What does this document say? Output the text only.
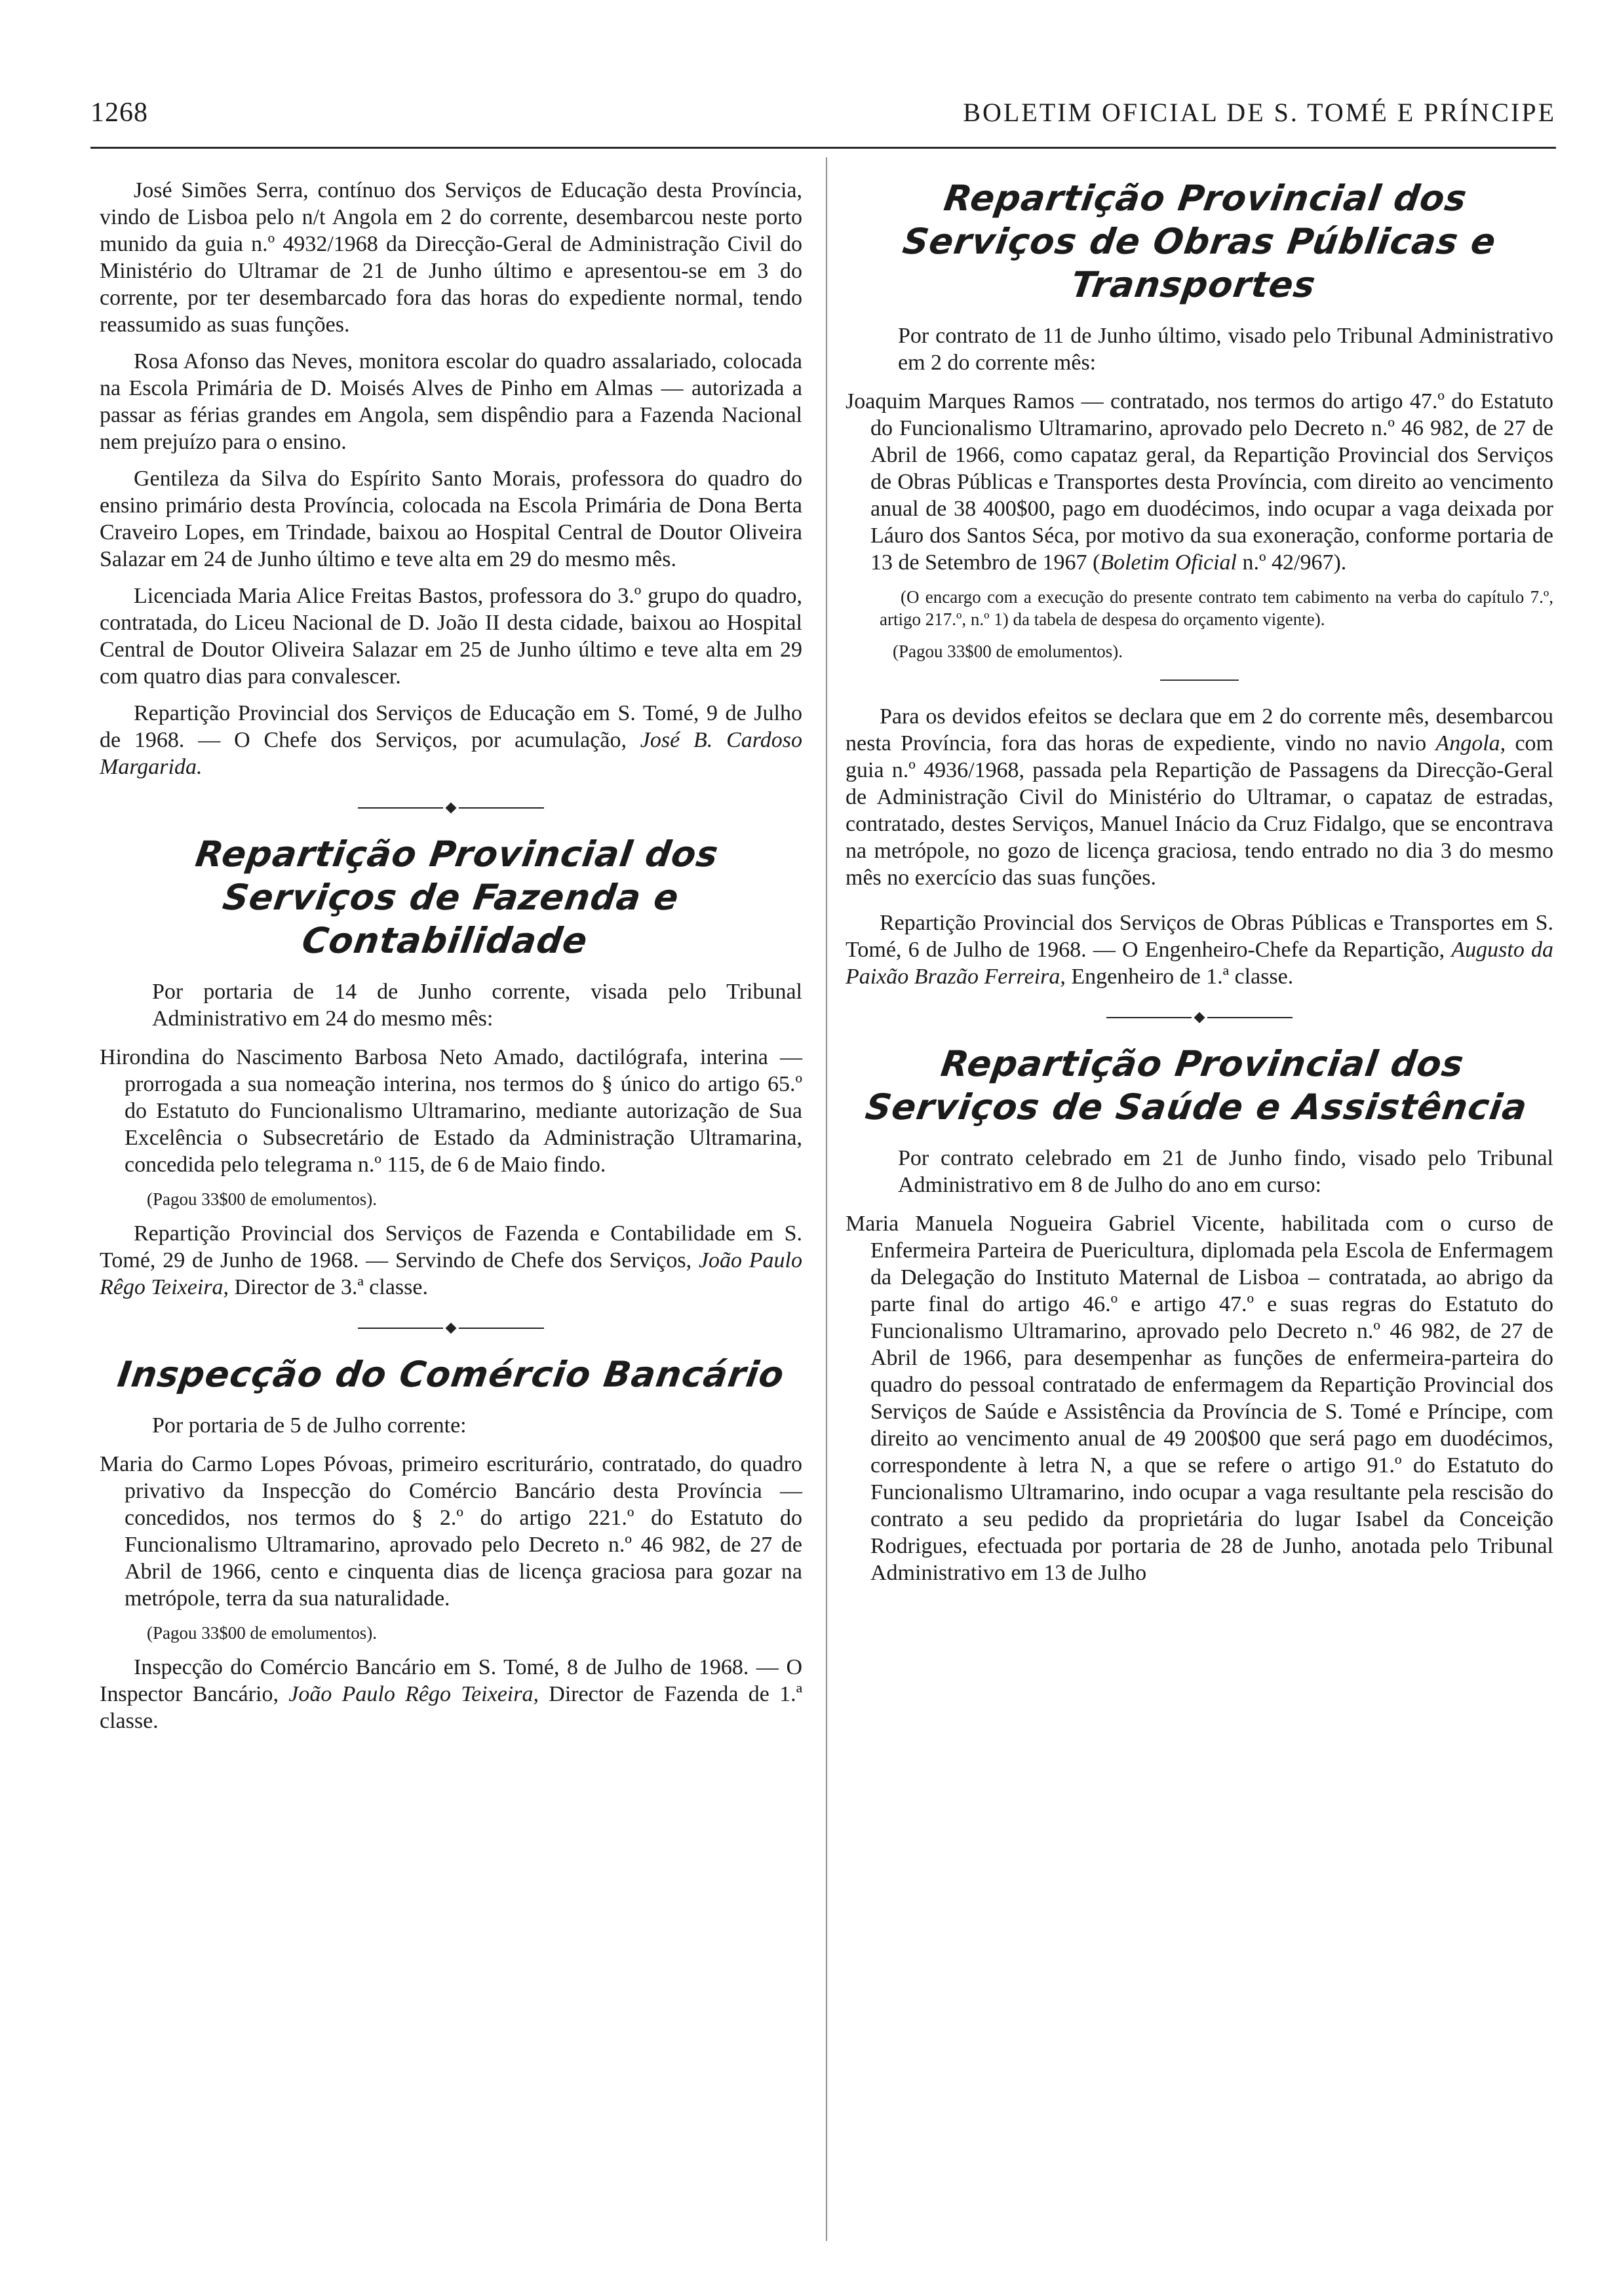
1268	BOLETIM OFICIAL DE S. TOMÉ E PRÍNCIPE

José Simões Serra, contínuo dos Serviços de Educação desta Província, vindo de Lisboa pelo n/t Angola em 2 do corrente, desembarcou neste porto munido da guia n.º 4932/1968 da Direcção-Geral de Administração Civil do Ministério do Ultramar de 21 de Junho último e apresentou-se em 3 do corrente, por ter desembarcado fora das horas do expediente normal, tendo reassumido as suas funções.

Rosa Afonso das Neves, monitora escolar do quadro assalariado, colocada na Escola Primária de D. Moisés Alves de Pinho em Almas — autorizada a passar as férias grandes em Angola, sem dispêndio para a Fazenda Nacional nem prejuízo para o ensino.

Gentileza da Silva do Espírito Santo Morais, professora do quadro do ensino primário desta Província, colocada na Escola Primária de Dona Berta Craveiro Lopes, em Trindade, baixou ao Hospital Central de Doutor Oliveira Salazar em 24 de Junho último e teve alta em 29 do mesmo mês.

Licenciada Maria Alice Freitas Bastos, professora do 3.º grupo do quadro, contratada, do Liceu Nacional de D. João II desta cidade, baixou ao Hospital Central de Doutor Oliveira Salazar em 25 de Junho último e teve alta em 29 com quatro dias para convalescer.

Repartição Provincial dos Serviços de Educação em S. Tomé, 9 de Julho de 1968. — O Chefe dos Serviços, por acumulação, José B. Cardoso Margarida.

Repartição Provincial dos Serviços de Fazenda e Contabilidade

Por portaria de 14 de Junho corrente, visada pelo Tribunal Administrativo em 24 do mesmo mês:

Hirondina do Nascimento Barbosa Neto Amado, dactilógrafa, interina — prorrogada a sua nomeação interina, nos termos do § único do artigo 65.º do Estatuto do Funcionalismo Ultramarino, mediante autorização de Sua Excelência o Subsecretário de Estado da Administração Ultramarina, concedida pelo telegrama n.º 115, de 6 de Maio findo.

(Pagou 33$00 de emolumentos).

Repartição Provincial dos Serviços de Fazenda e Contabilidade em S. Tomé, 29 de Junho de 1968. — Servindo de Chefe dos Serviços, João Paulo Rêgo Teixeira, Director de 3.ª classe.

Inspecção do Comércio Bancário

Por portaria de 5 de Julho corrente:

Maria do Carmo Lopes Póvoas, primeiro escriturário, contratado, do quadro privativo da Inspecção do Comércio Bancário desta Província — concedidos, nos termos do § 2.º do artigo 221.º do Estatuto do Funcionalismo Ultramarino, aprovado pelo Decreto n.º 46 982, de 27 de Abril de 1966, cento e cinquenta dias de licença graciosa para gozar na metrópole, terra da sua naturalidade.

(Pagou 33$00 de emolumentos).

Inspecção do Comércio Bancário em S. Tomé, 8 de Julho de 1968. — O Inspector Bancário, João Paulo Rêgo Teixeira, Director de Fazenda de 1.ª classe.

Repartição Provincial dos Serviços de Obras Públicas e Transportes

Por contrato de 11 de Junho último, visado pelo Tribunal Administrativo em 2 do corrente mês:

Joaquim Marques Ramos — contratado, nos termos do artigo 47.º do Estatuto do Funcionalismo Ultramarino, aprovado pelo Decreto n.º 46 982, de 27 de Abril de 1966, como capataz geral, da Repartição Provincial dos Serviços de Obras Públicas e Transportes desta Província, com direito ao vencimento anual de 38 400$00, pago em duodécimos, indo ocupar a vaga deixada por Láuro dos Santos Séca, por motivo da sua exoneração, conforme portaria de 13 de Setembro de 1967 (Boletim Oficial n.º 42/967).

(O encargo com a execução do presente contrato tem cabimento na verba do capítulo 7.º, artigo 217.º, n.º 1) da tabela de despesa do orçamento vigente).

(Pagou 33$00 de emolumentos).

Para os devidos efeitos se declara que em 2 do corrente mês, desembarcou nesta Província, fora das horas de expediente, vindo no navio Angola, com guia n.º 4936/1968, passada pela Repartição de Passagens da Direcção-Geral de Administração Civil do Ministério do Ultramar, o capataz de estradas, contratado, destes Serviços, Manuel Inácio da Cruz Fidalgo, que se encontrava na metrópole, no gozo de licença graciosa, tendo entrado no dia 3 do mesmo mês no exercício das suas funções.

Repartição Provincial dos Serviços de Obras Públicas e Transportes em S. Tomé, 6 de Julho de 1968. — O Engenheiro-Chefe da Repartição, Augusto da Paixão Brazão Ferreira, Engenheiro de 1.ª classe.

Repartição Provincial dos Serviços de Saúde e Assistência

Por contrato celebrado em 21 de Junho findo, visado pelo Tribunal Administrativo em 8 de Julho do ano em curso:

Maria Manuela Nogueira Gabriel Vicente, habilitada com o curso de Enfermeira Parteira de Puericultura, diplomada pela Escola de Enfermagem da Delegação do Instituto Maternal de Lisboa – contratada, ao abrigo da parte final do artigo 46.º e artigo 47.º e suas regras do Estatuto do Funcionalismo Ultramarino, aprovado pelo Decreto n.º 46 982, de 27 de Abril de 1966, para desempenhar as funções de enfermeira-parteira do quadro do pessoal contratado de enfermagem da Repartição Provincial dos Serviços de Saúde e Assistência da Província de S. Tomé e Príncipe, com direito ao vencimento anual de 49 200$00 que será pago em duodécimos, correspondente à letra N, a que se refere o artigo 91.º do Estatuto do Funcionalismo Ultramarino, indo ocupar a vaga resultante pela rescisão do contrato a seu pedido da proprietária do lugar Isabel da Conceição Rodrigues, efectuada por portaria de 28 de Junho, anotada pelo Tribunal Administrativo em 13 de Julho
